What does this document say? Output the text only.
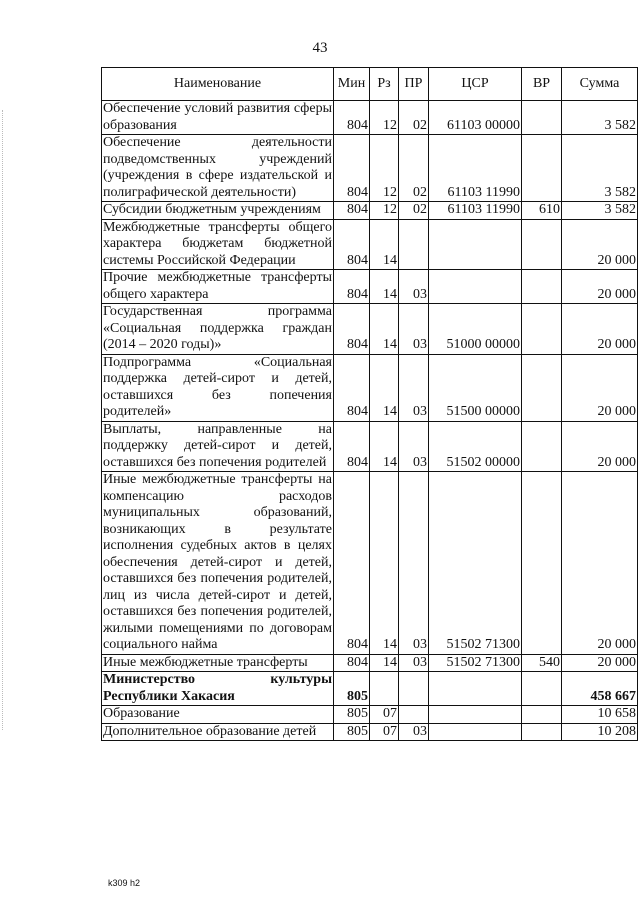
43
Наименование	Мин	Рз	ПР	ЦСР	ВР	Сумма
Обеспечение условий развития сферы образования	804	12	02	61103 00000		3 582
Обеспечение деятельности подведомственных учреждений (учреждения в сфере издательской и полиграфической деятельности)	804	12	02	61103 11990		3 582
Субсидии бюджетным учреждениям	804	12	02	61103 11990	610	3 582
Межбюджетные трансферты общего характера бюджетам бюджетной системы Российской Федерации	804	14				20 000
Прочие межбюджетные трансферты общего характера	804	14	03			20 000
Государственная программа «Социальная поддержка граждан (2014 – 2020 годы)»	804	14	03	51000 00000		20 000
Подпрограмма «Социальная поддержка детей-сирот и детей, оставшихся без попечения родителей»	804	14	03	51500 00000		20 000
Выплаты, направленные на поддержку детей-сирот и детей, оставшихся без попечения родителей	804	14	03	51502 00000		20 000
Иные межбюджетные трансферты на компенсацию расходов муниципальных образований, возникающих в результате исполнения судебных актов в целях обеспечения детей-сирот и детей, оставшихся без попечения родителей, лиц из числа детей-сирот и детей, оставшихся без попечения родителей, жилыми помещениями по договорам социального найма	804	14	03	51502 71300		20 000
Иные межбюджетные трансферты	804	14	03	51502 71300	540	20 000
Министерство культуры Республики Хакасия	805					458 667
Образование	805	07				10 658
Дополнительное образование детей	805	07	03			10 208
k309 h2
